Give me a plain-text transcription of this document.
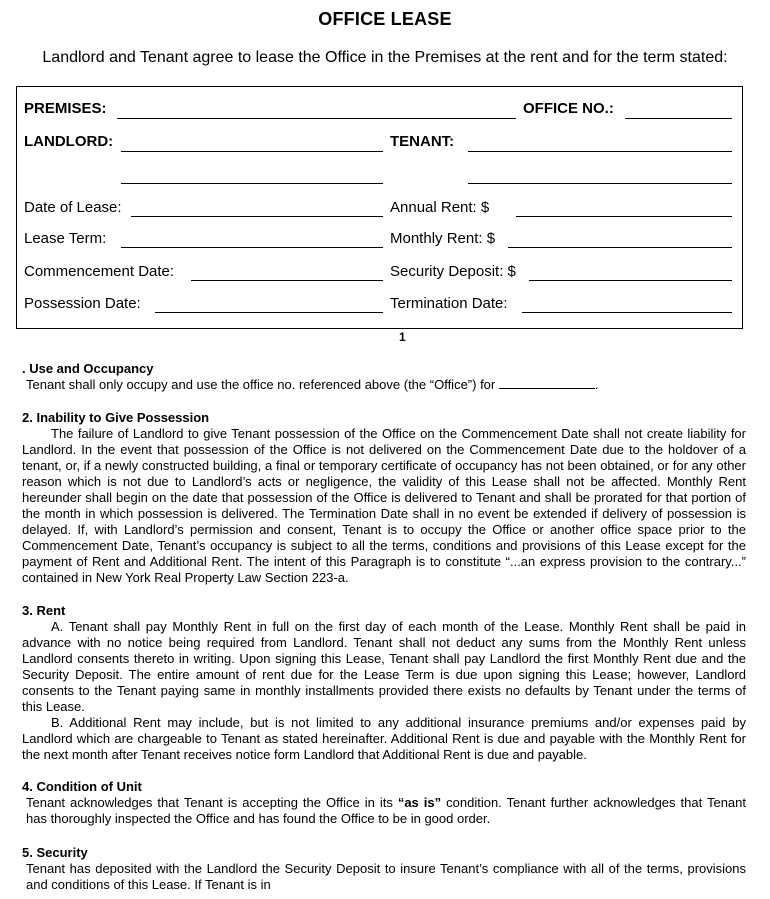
OFFICE LEASE
Landlord and Tenant agree to lease the Office in the Premises at the rent and for the term stated:
PREMISES:	OFFICE NO.:
LANDLORD:	TENANT:
Date of Lease:	Annual Rent: $
Lease Term:	Monthly Rent: $
Commencement Date:	Security Deposit: $
Possession Date:	Termination Date:
1
. Use and Occupancy

Tenant shall only occupy and use the office no. referenced above (the “Office”) for	.

2. Inability to Give Possession

The failure of Landlord to give Tenant possession of the Office on the Commencement Date shall not create liability for Landlord. In the event that possession of the Office is not delivered on the Commencement Date due to the holdover of a tenant, or, if a newly constructed building, a final or temporary certificate of occupancy has not been obtained, or for any other reason which is not due to Landlord’s acts or negligence, the validity of this Lease shall not be affected. Monthly Rent hereunder shall begin on the date that possession of the Office is delivered to Tenant and shall be prorated for that portion of the month in which possession is delivered. The Termination Date shall in no event be extended if delivery of possession is delayed. If, with Landlord’s permission and consent, Tenant is to occupy the Office or another office space prior to the Commencement Date, Tenant’s occupancy is subject to all the terms, conditions and provisions of this Lease except for the payment of Rent and Additional Rent. The intent of this Paragraph is to constitute “...an express provision to the contrary...” contained in New York Real Property Law Section 223-a.

3. Rent

A. Tenant shall pay Monthly Rent in full on the first day of each month of the Lease. Monthly Rent shall be paid in advance with no notice being required from Landlord. Tenant shall not deduct any sums from the Monthly Rent unless Landlord consents thereto in writing. Upon signing this Lease, Tenant shall pay Landlord the first Monthly Rent due and the Security Deposit. The entire amount of rent due for the Lease Term is due upon signing this Lease; however, Landlord consents to the Tenant paying same in monthly installments provided there exists no defaults by Tenant under the terms of this Lease.

B. Additional Rent may include, but is not limited to any additional insurance premiums and/or expenses paid by Landlord which are chargeable to Tenant as stated hereinafter. Additional Rent is due and payable with the Monthly Rent for the next month after Tenant receives notice form Landlord that Additional Rent is due and payable.

4. Condition of Unit

Tenant acknowledges that Tenant is accepting the Office in its “as is” condition. Tenant further acknowledges that Tenant has thoroughly inspected the Office and has found the Office to be in good order.

5. Security

Tenant has deposited with the Landlord the Security Deposit to insure Tenant’s compliance with all of the terms, provisions and conditions of this Lease. If Tenant is in
